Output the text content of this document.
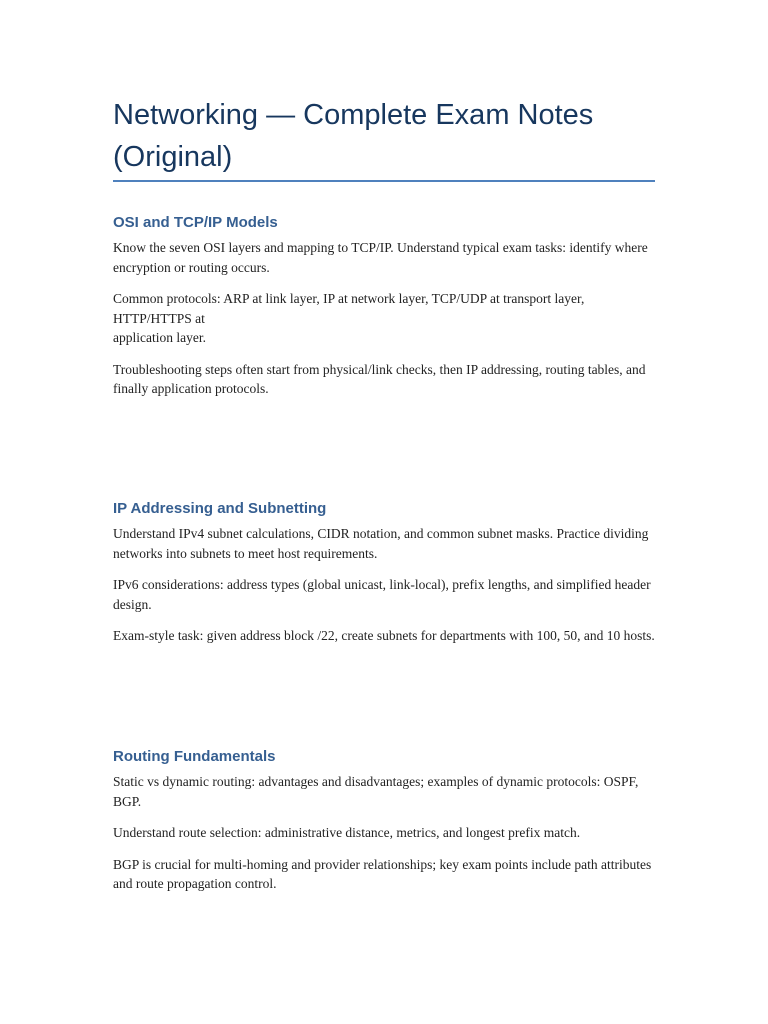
Networking — Complete Exam Notes (Original)
OSI and TCP/IP Models

Know the seven OSI layers and mapping to TCP/IP. Understand typical exam tasks: identify where
encryption or routing occurs.

Common protocols: ARP at link layer, IP at network layer, TCP/UDP at transport layer, HTTP/HTTPS at
application layer.

Troubleshooting steps often start from physical/link checks, then IP addressing, routing tables, and
finally application protocols.

IP Addressing and Subnetting

Understand IPv4 subnet calculations, CIDR notation, and common subnet masks. Practice dividing
networks into subnets to meet host requirements.

IPv6 considerations: address types (global unicast, link-local), prefix lengths, and simplified header design.

Exam-style task: given address block /22, create subnets for departments with 100, 50, and 10 hosts.

Routing Fundamentals

Static vs dynamic routing: advantages and disadvantages; examples of dynamic protocols: OSPF, BGP.

Understand route selection: administrative distance, metrics, and longest prefix match.

BGP is crucial for multi-homing and provider relationships; key exam points include path attributes
and route propagation control.
